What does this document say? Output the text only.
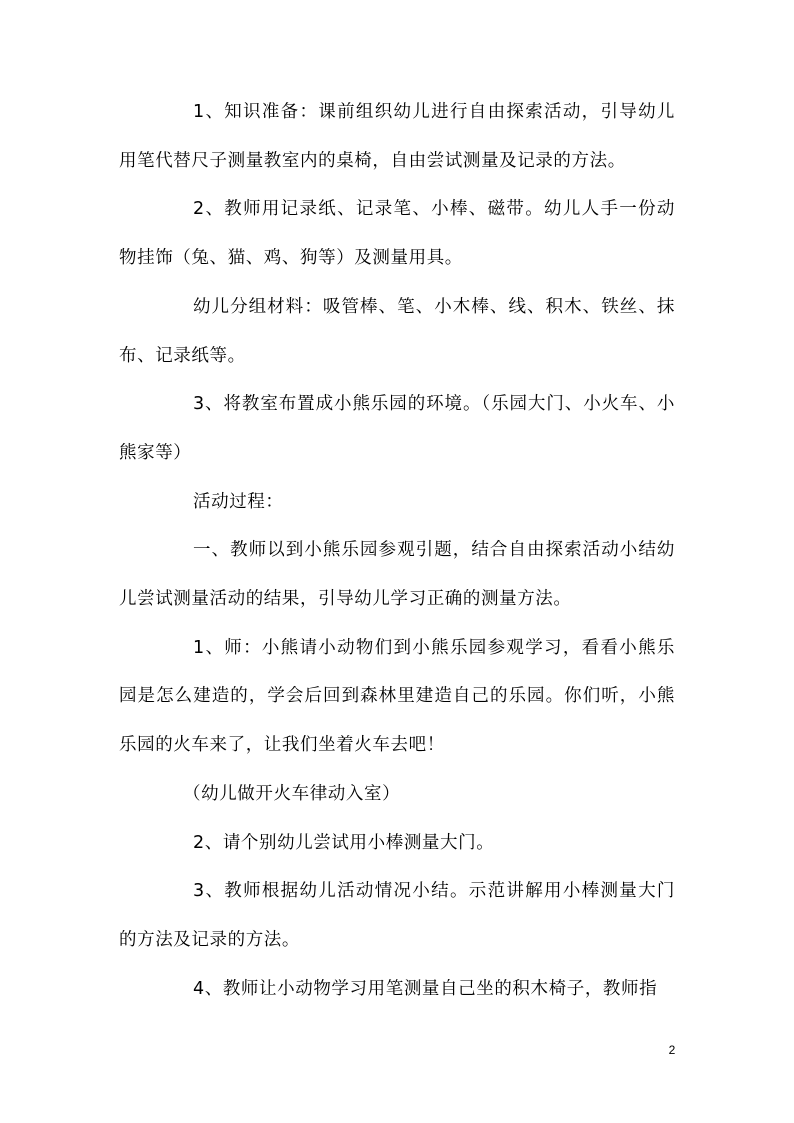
1、知识准备：课前组织幼儿进行自由探索活动，引导幼儿用笔代替尺子测量教室内的桌椅，自由尝试测量及记录的方法。

2、教师用记录纸、记录笔、小棒、磁带。幼儿人手一份动物挂饰（兔、猫、鸡、狗等）及测量用具。

幼儿分组材料：吸管棒、笔、小木棒、线、积木、铁丝、抹布、记录纸等。

3、将教室布置成小熊乐园的环境。（乐园大门、小火车、小熊家等）

活动过程：

一、教师以到小熊乐园参观引题，结合自由探索活动小结幼儿尝试测量活动的结果，引导幼儿学习正确的测量方法。

1、师：小熊请小动物们到小熊乐园参观学习，看看小熊乐园是怎么建造的，学会后回到森林里建造自己的乐园。你们听，小熊乐园的火车来了，让我们坐着火车去吧！

（幼儿做开火车律动入室）

2、请个别幼儿尝试用小棒测量大门。

3、教师根据幼儿活动情况小结。示范讲解用小棒测量大门的方法及记录的方法。

4、教师让小动物学习用笔测量自己坐的积木椅子，教师指

2
